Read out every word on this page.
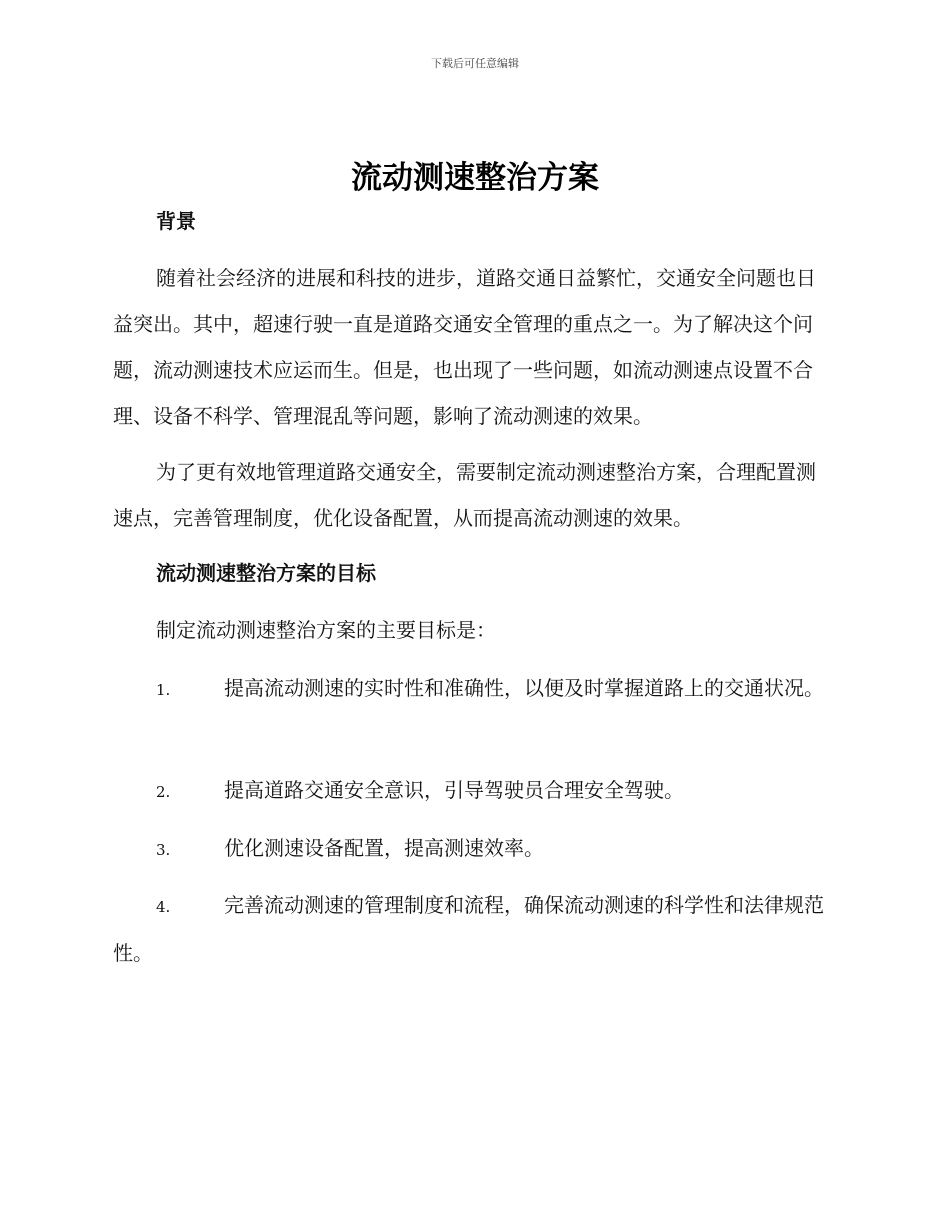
下载后可任意编辑
流动测速整治方案

背景

随着社会经济的进展和科技的进步，道路交通日益繁忙，交通安全问题也日益突出。其中，超速行驶一直是道路交通安全管理的重点之一。为了解决这个问题，流动测速技术应运而生。但是，也出现了一些问题，如流动测速点设置不合理、设备不科学、管理混乱等问题，影响了流动测速的效果。

为了更有效地管理道路交通安全，需要制定流动测速整治方案，合理配置测速点，完善管理制度，优化设备配置，从而提高流动测速的效果。

流动测速整治方案的目标

制定流动测速整治方案的主要目标是：

1.	提高流动测速的实时性和准确性，以便及时掌握道路上的交通状况。

2.	提高道路交通安全意识，引导驾驶员合理安全驾驶。

3.	优化测速设备配置，提高测速效率。

4.	完善流动测速的管理制度和流程，确保流动测速的科学性和法律规范性。
